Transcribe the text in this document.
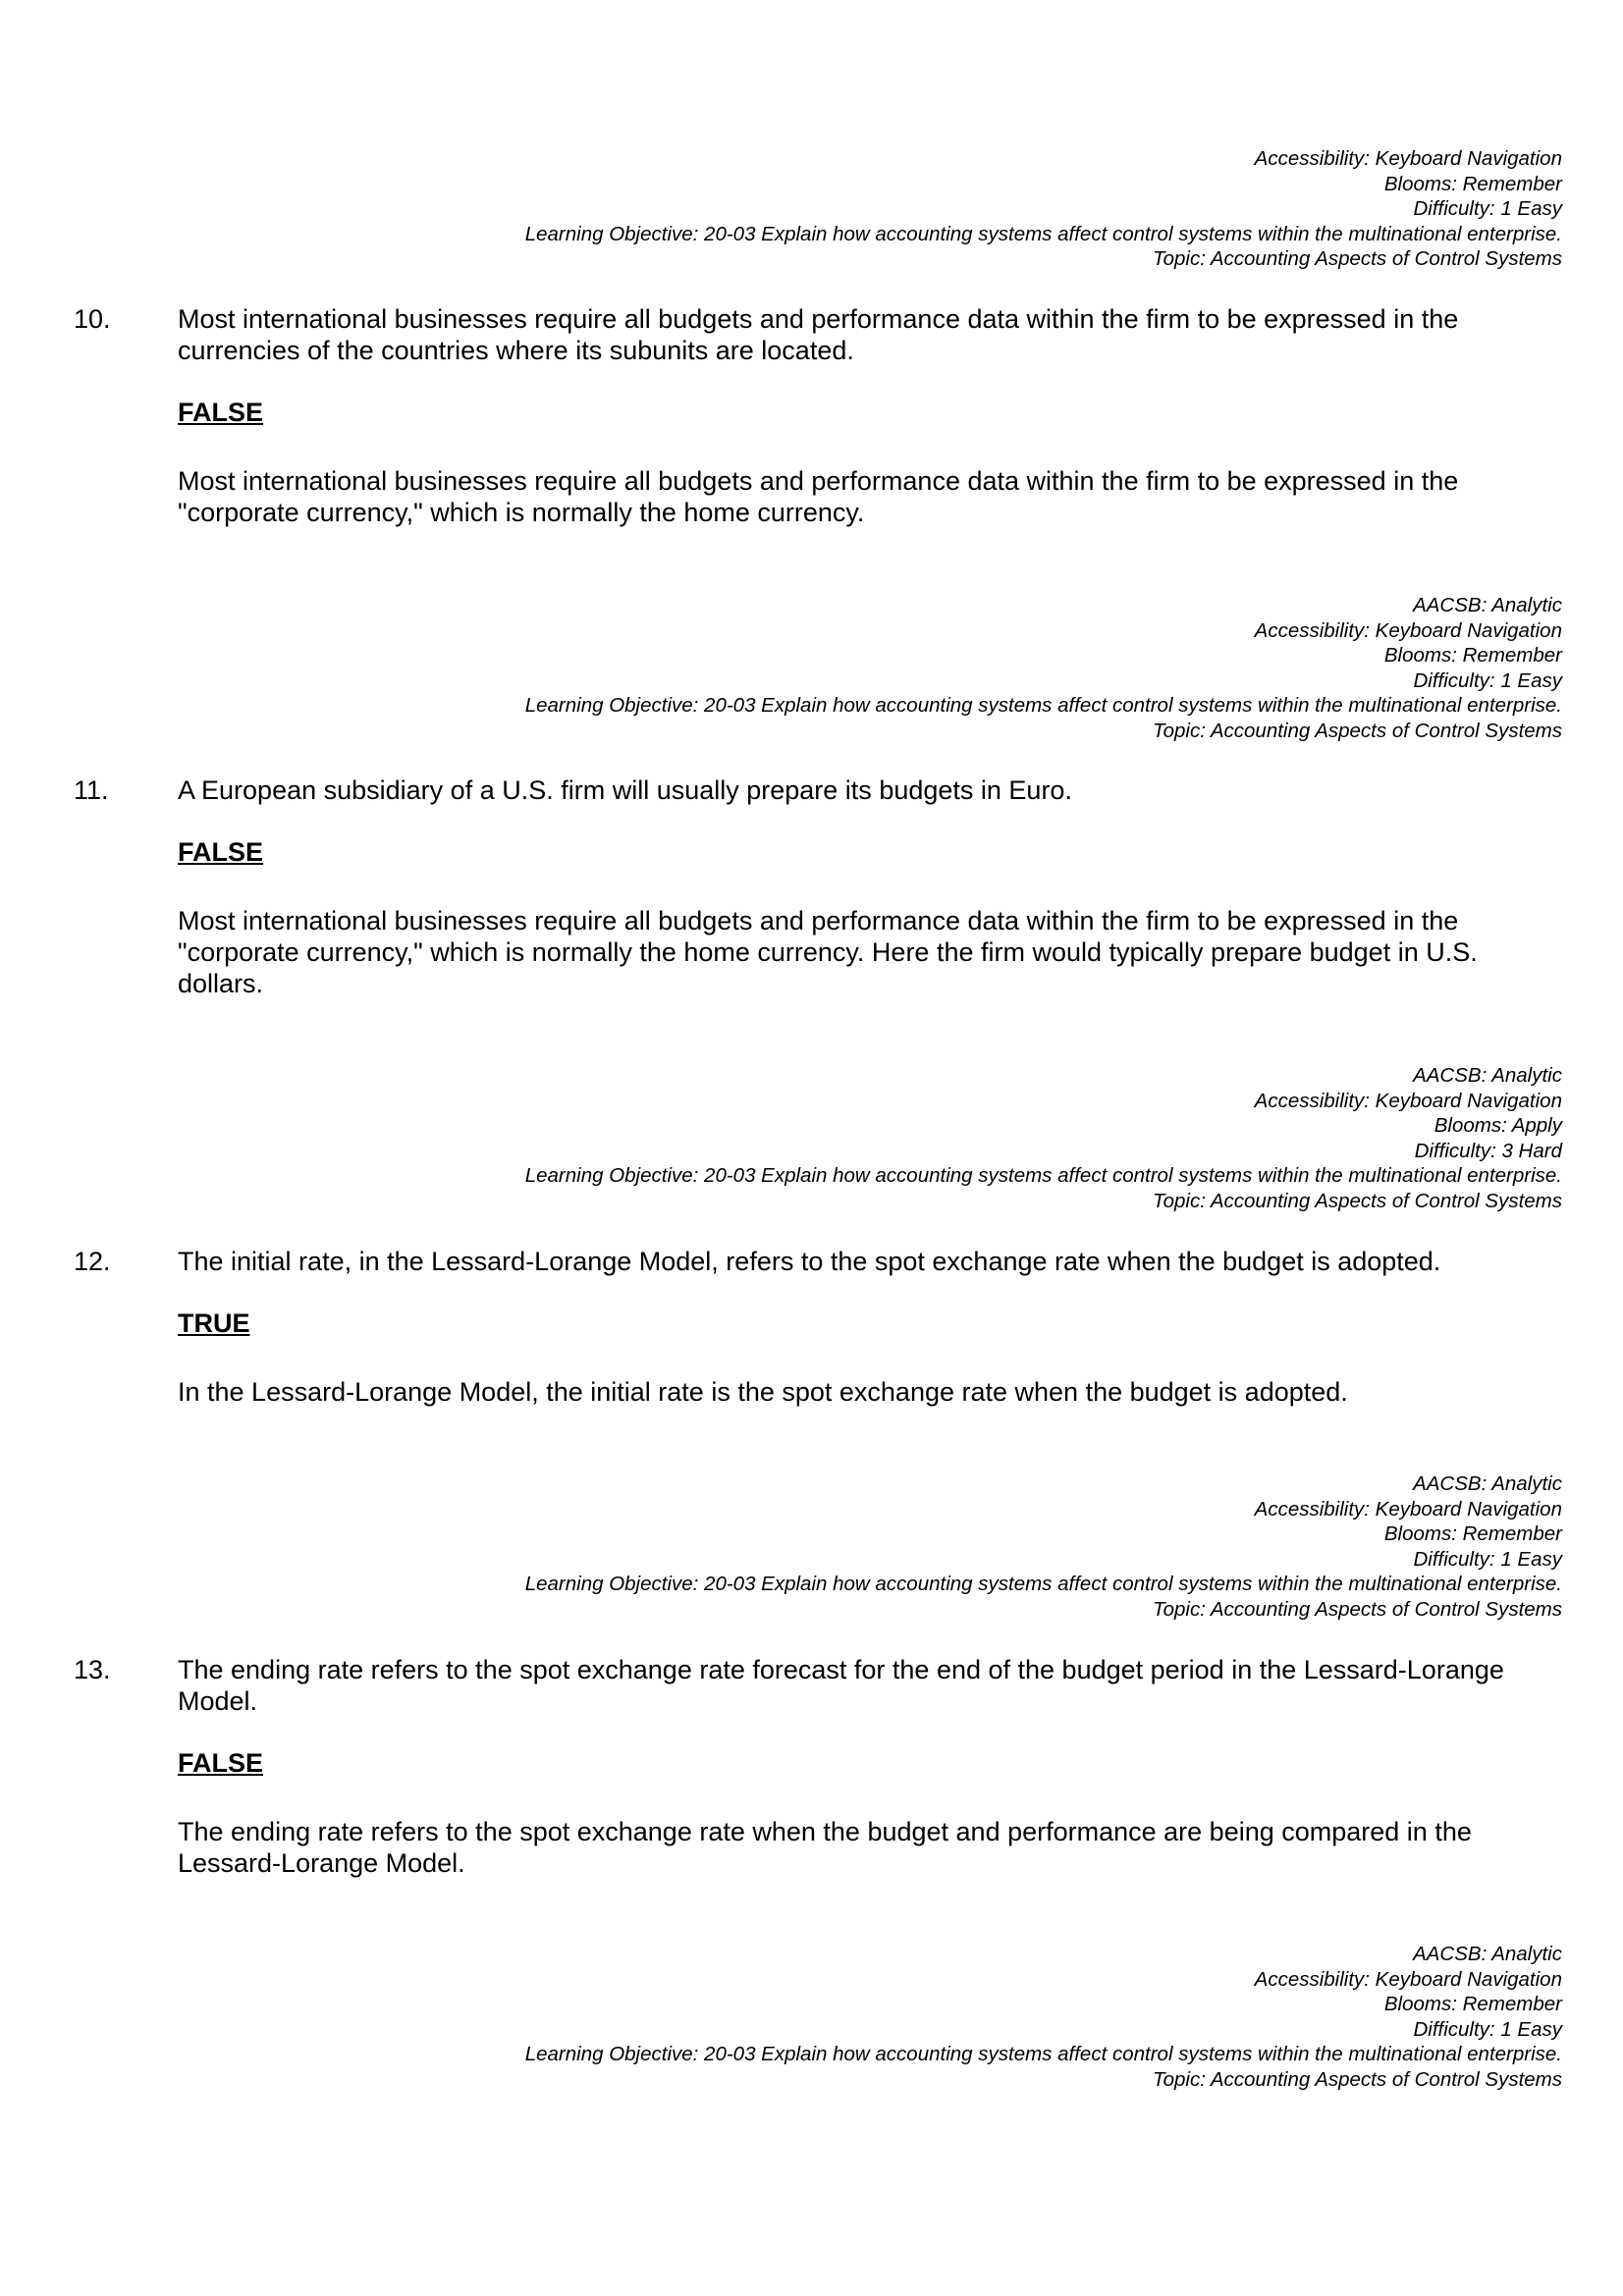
Accessibility: Keyboard Navigation
Blooms: Remember
Difficulty: 1 Easy
Learning Objective: 20-03 Explain how accounting systems affect control systems within the multinational enterprise.
Topic: Accounting Aspects of Control Systems
10.	Most international businesses require all budgets and performance data within the firm to be expressed in the currencies of the countries where its subunits are located.
FALSE
Most international businesses require all budgets and performance data within the firm to be expressed in the "corporate currency," which is normally the home currency.
AACSB: Analytic
Accessibility: Keyboard Navigation
Blooms: Remember
Difficulty: 1 Easy
Learning Objective: 20-03 Explain how accounting systems affect control systems within the multinational enterprise.
Topic: Accounting Aspects of Control Systems
11.	A European subsidiary of a U.S. firm will usually prepare its budgets in Euro.
FALSE
Most international businesses require all budgets and performance data within the firm to be expressed in the "corporate currency," which is normally the home currency. Here the firm would typically prepare budget in U.S. dollars.
AACSB: Analytic
Accessibility: Keyboard Navigation
Blooms: Apply
Difficulty: 3 Hard
Learning Objective: 20-03 Explain how accounting systems affect control systems within the multinational enterprise.
Topic: Accounting Aspects of Control Systems
12.	The initial rate, in the Lessard-Lorange Model, refers to the spot exchange rate when the budget is adopted.
TRUE
In the Lessard-Lorange Model, the initial rate is the spot exchange rate when the budget is adopted.
AACSB: Analytic
Accessibility: Keyboard Navigation
Blooms: Remember
Difficulty: 1 Easy
Learning Objective: 20-03 Explain how accounting systems affect control systems within the multinational enterprise.
Topic: Accounting Aspects of Control Systems
13.	The ending rate refers to the spot exchange rate forecast for the end of the budget period in the Lessard-Lorange Model.
FALSE
The ending rate refers to the spot exchange rate when the budget and performance are being compared in the Lessard-Lorange Model.
AACSB: Analytic
Accessibility: Keyboard Navigation
Blooms: Remember
Difficulty: 1 Easy
Learning Objective: 20-03 Explain how accounting systems affect control systems within the multinational enterprise.
Topic: Accounting Aspects of Control Systems
